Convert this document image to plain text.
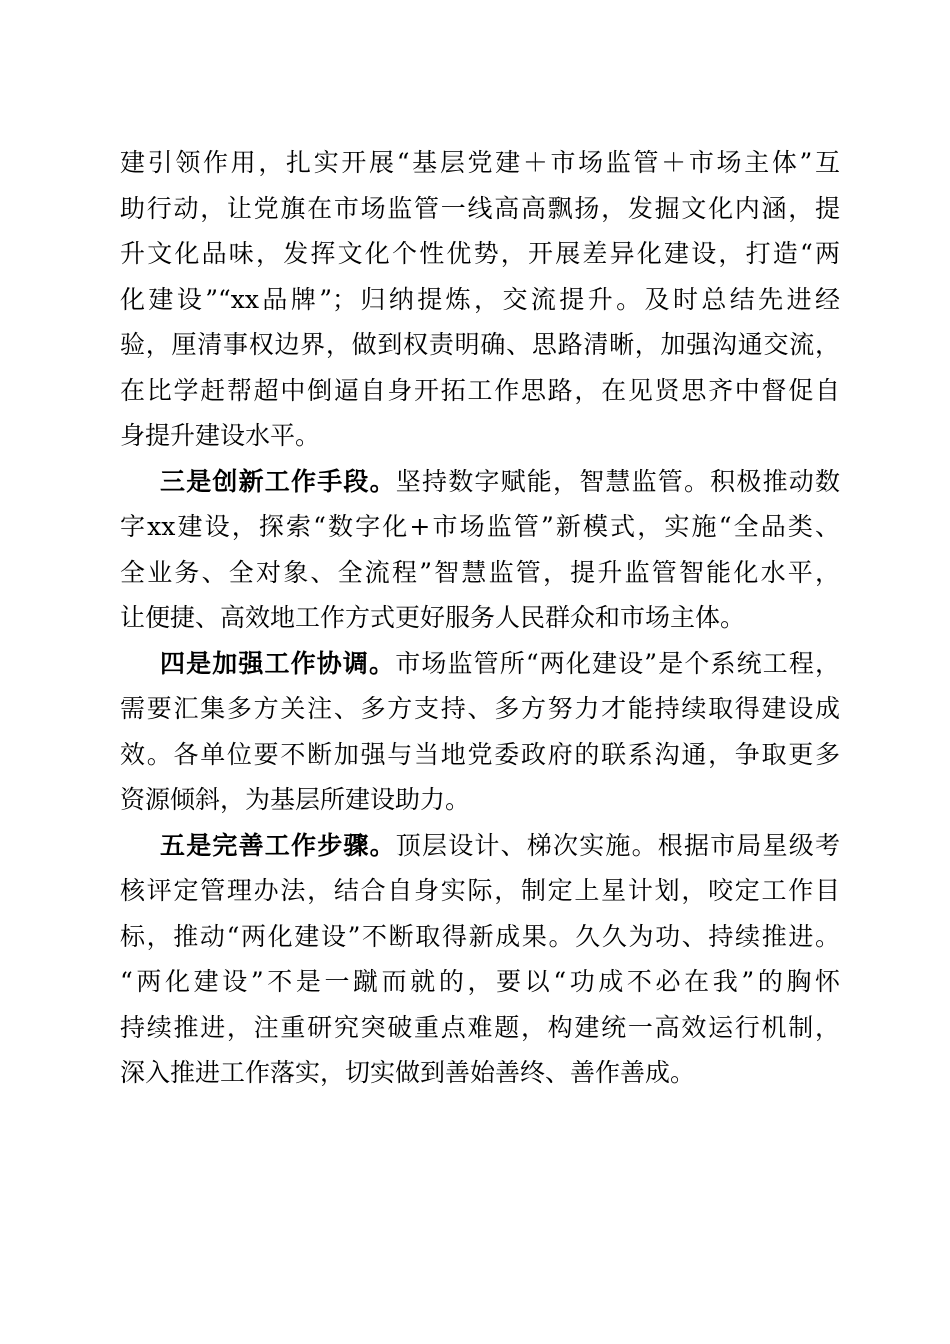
建引领作用，扎实开展“基层党建＋市场监管＋市场主体”互
助行动，让党旗在市场监管一线高高飘扬，发掘文化内涵，提
升文化品味，发挥文化个性优势，开展差异化建设，打造“两
化建设”“xx品牌”；归纳提炼，交流提升。及时总结先进经
验，厘清事权边界，做到权责明确、思路清晰，加强沟通交流，
在比学赶帮超中倒逼自身开拓工作思路，在见贤思齐中督促自
身提升建设水平。
三是创新工作手段。坚持数字赋能，智慧监管。积极推动数
字xx建设，探索“数字化+市场监管”新模式，实施“全品类、
全业务、全对象、全流程”智慧监管，提升监管智能化水平，
让便捷、高效地工作方式更好服务人民群众和市场主体。
四是加强工作协调。市场监管所“两化建设”是个系统工程，
需要汇集多方关注、多方支持、多方努力才能持续取得建设成
效。各单位要不断加强与当地党委政府的联系沟通，争取更多
资源倾斜，为基层所建设助力。
五是完善工作步骤。顶层设计、梯次实施。根据市局星级考
核评定管理办法，结合自身实际，制定上星计划，咬定工作目
标，推动“两化建设”不断取得新成果。久久为功、持续推进。
“两化建设”不是一蹴而就的，要以“功成不必在我”的胸怀
持续推进，注重研究突破重点难题，构建统一高效运行机制，
深入推进工作落实，切实做到善始善终、善作善成。
